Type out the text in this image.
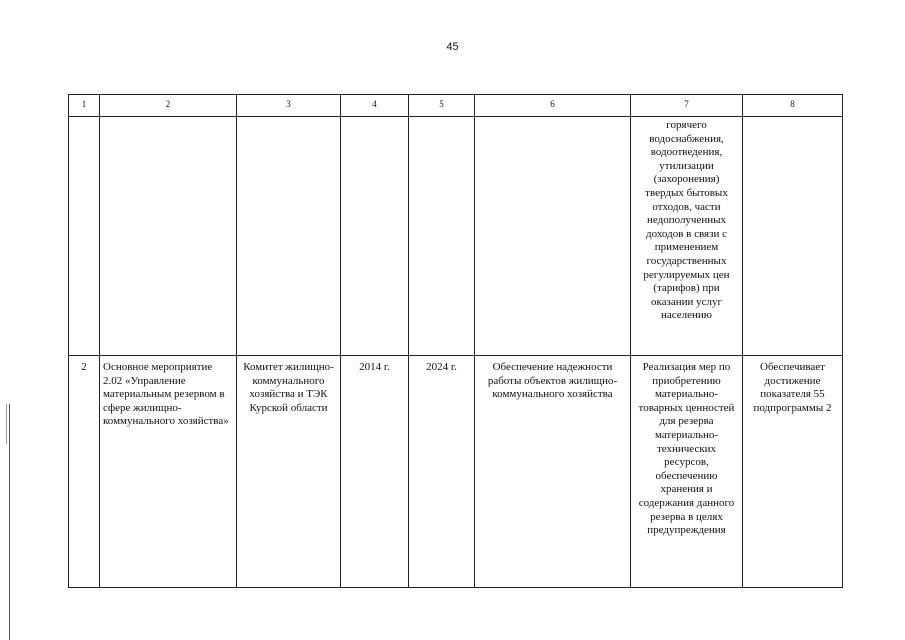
45
1	2	3	4	5	6	7	8
						горячего водоснабжения, водоотведения, утилизации (захоронения) твердых бытовых отходов, части недополученных доходов в связи с применением государственных регулируемых цен (тарифов) при оказании услуг населению	
2	Основное мероприятие 2.02 «Управление материальным резервом в сфере жилищно-коммунального хозяйства»	Комитет жилищно-коммунального хозяйства и ТЭК Курской области	2014 г.	2024 г.	Обеспечение надежности работы объектов жилищно-коммунального хозяйства	Реализация мер по приобретению материально-товарных ценностей для резерва материально-технических ресурсов, обеспечению хранения и содержания данного резерва в целях предупреждения	Обеспечивает достижение показателя 55 подпрограммы 2
